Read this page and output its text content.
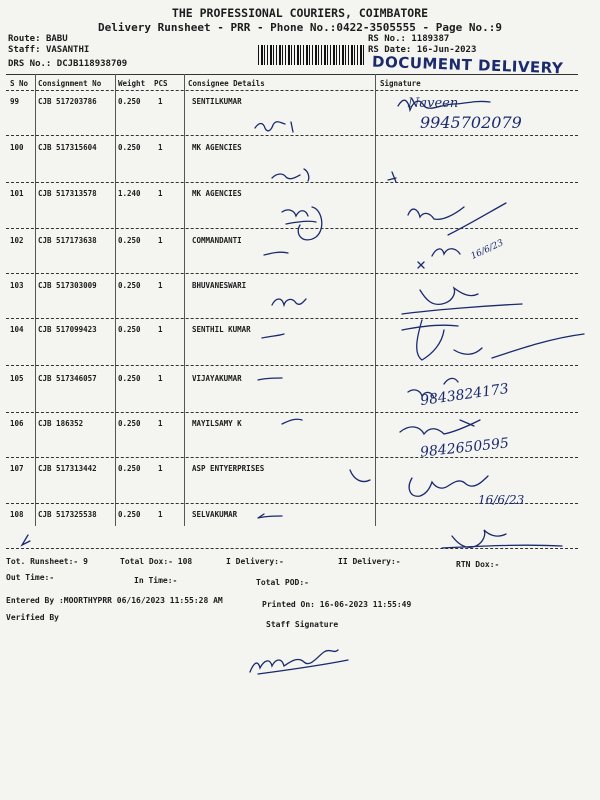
THE PROFESSIONAL COURIERS, COIMBATORE
Delivery Runsheet - PRR - Phone No.:0422-3505555 - Page No.:9
Route: BABU
Staff: VASANTHI
DRS No.: DCJB118938709
RS No.: 1189387
RS Date: 16-Jun-2023
DOCUMENT DELIVERY
S No Consignment No Weight PCS	Consignee Details	Signature
99	CJB 517203786	0.250 1	SENTILKUMAR
100 CJB 517315604	0.250 1	MK AGENCIES
101 CJB 517313578	1.240 1	MK AGENCIES
102 CJB 517173638	0.250 1	COMMANDANTI
103 CJB 517303009	0.250 1	BHUVANESWARI
104 CJB 517099423	0.250 1	SENTHIL KUMAR
105 CJB 517346057	0.250 1	VIJAYAKUMAR
106 CJB 186352	0.250 1	MAYILSAMY K
107 CJB 517313442	0.250 1	ASP ENTYERPRISES
108 CJB 517325538	0.250 1	SELVAKUMAR
9945702079
Naveen
16/6/23
9843824173
9842650595
16/6/23
Tot. Runsheet:- 9	Total Dox:- 108	I Delivery:-	II Delivery:-	RTN Dox:-
Out Time:-	In Time:-	Total POD:-
Entered By :MOORTHYPRR 06/16/2023 11:55:28 AM	Printed On: 16-06-2023 11:55:49
Verified By
Staff Signature
